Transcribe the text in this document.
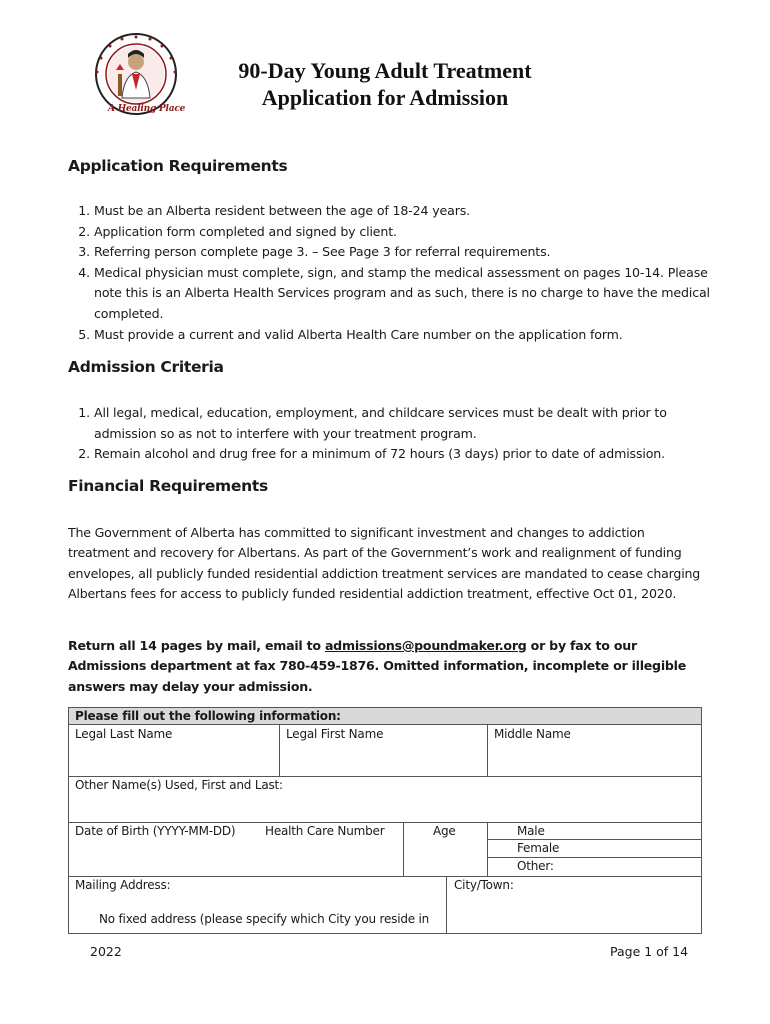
A Healing Place
90-Day Young Adult Treatment
Application for Admission
Application Requirements
1. Must be an Alberta resident between the age of 18-24 years.
2. Application form completed and signed by client.
3. Referring person complete page 3. – See Page 3 for referral requirements.
4. Medical physician must complete, sign, and stamp the medical assessment on pages 10-14. Please note this is an Alberta Health Services program and as such, there is no charge to have the medical completed.
5. Must provide a current and valid Alberta Health Care number on the application form.
Admission Criteria
1. All legal, medical, education, employment, and childcare services must be dealt with prior to admission so as not to interfere with your treatment program.
2. Remain alcohol and drug free for a minimum of 72 hours (3 days) prior to date of admission.
Financial Requirements
The Government of Alberta has committed to significant investment and changes to addiction treatment and recovery for Albertans. As part of the Government’s work and realignment of funding envelopes, all publicly funded residential addiction treatment services are mandated to cease charging Albertans fees for access to publicly funded residential addiction treatment, effective Oct 01, 2020.
Return all 14 pages by mail, email to admissions@poundmaker.org or by fax to our Admissions department at fax 780-459-1876. Omitted information, incomplete or illegible answers may delay your admission.
Please fill out the following information:
Legal Last Name	Legal First Name	Middle Name
Other Name(s) Used, First and Last:
Date of Birth (YYYY-MM-DD)	Health Care Number	Age	Male
Female
Other:
Mailing Address:	City/Town:
No fixed address (please specify which City you reside in
2022	Page 1 of 14
